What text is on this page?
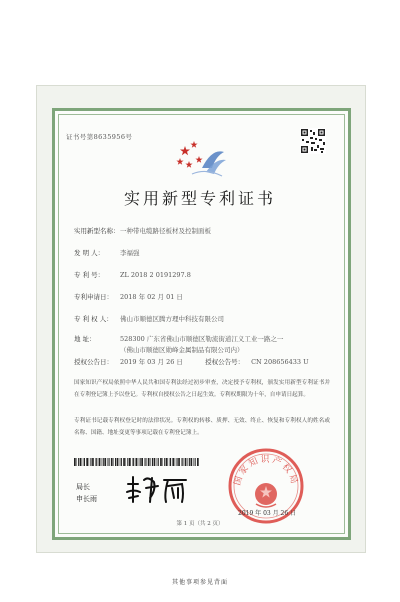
证书号第8635956号
实用新型专利证书
实用新型名称：一种带电缆路径板材及控制面板
发 明 人： 李福强
专 利 号： ZL 2018 2 0191297.8
专利申请日： 2018 年 02 月 01 日
专 利 权 人： 佛山市顺德区腾方理中科技有限公司
地 址：	528300 广东省佛山市顺德区勒流街道江义工业一路之一
（佛山市顺德区勋峰金属制品有限公司内）
授权公告日： 2019 年 03 月 26 日	授权公告号： CN 208656433 U
国家知识产权局依照中华人民共和国专利法经过初步审查，决定授予专利权，颁发实用新型专利证书并在专利登记簿上予以登记。专利权自授权公告之日起生效。专利权期限为十年，自申请日起算。
专利证书记载专利权登记时的法律状况。专利权的转移、质押、无效、终止、恢复和专利权人的姓名或名称、国籍、地址变更等事项记载在专利登记簿上。
局长
申长雨
国家知识产权局
2019 年 03 月 26 日
第 1 页（共 2 页）
其他事项参见背面
